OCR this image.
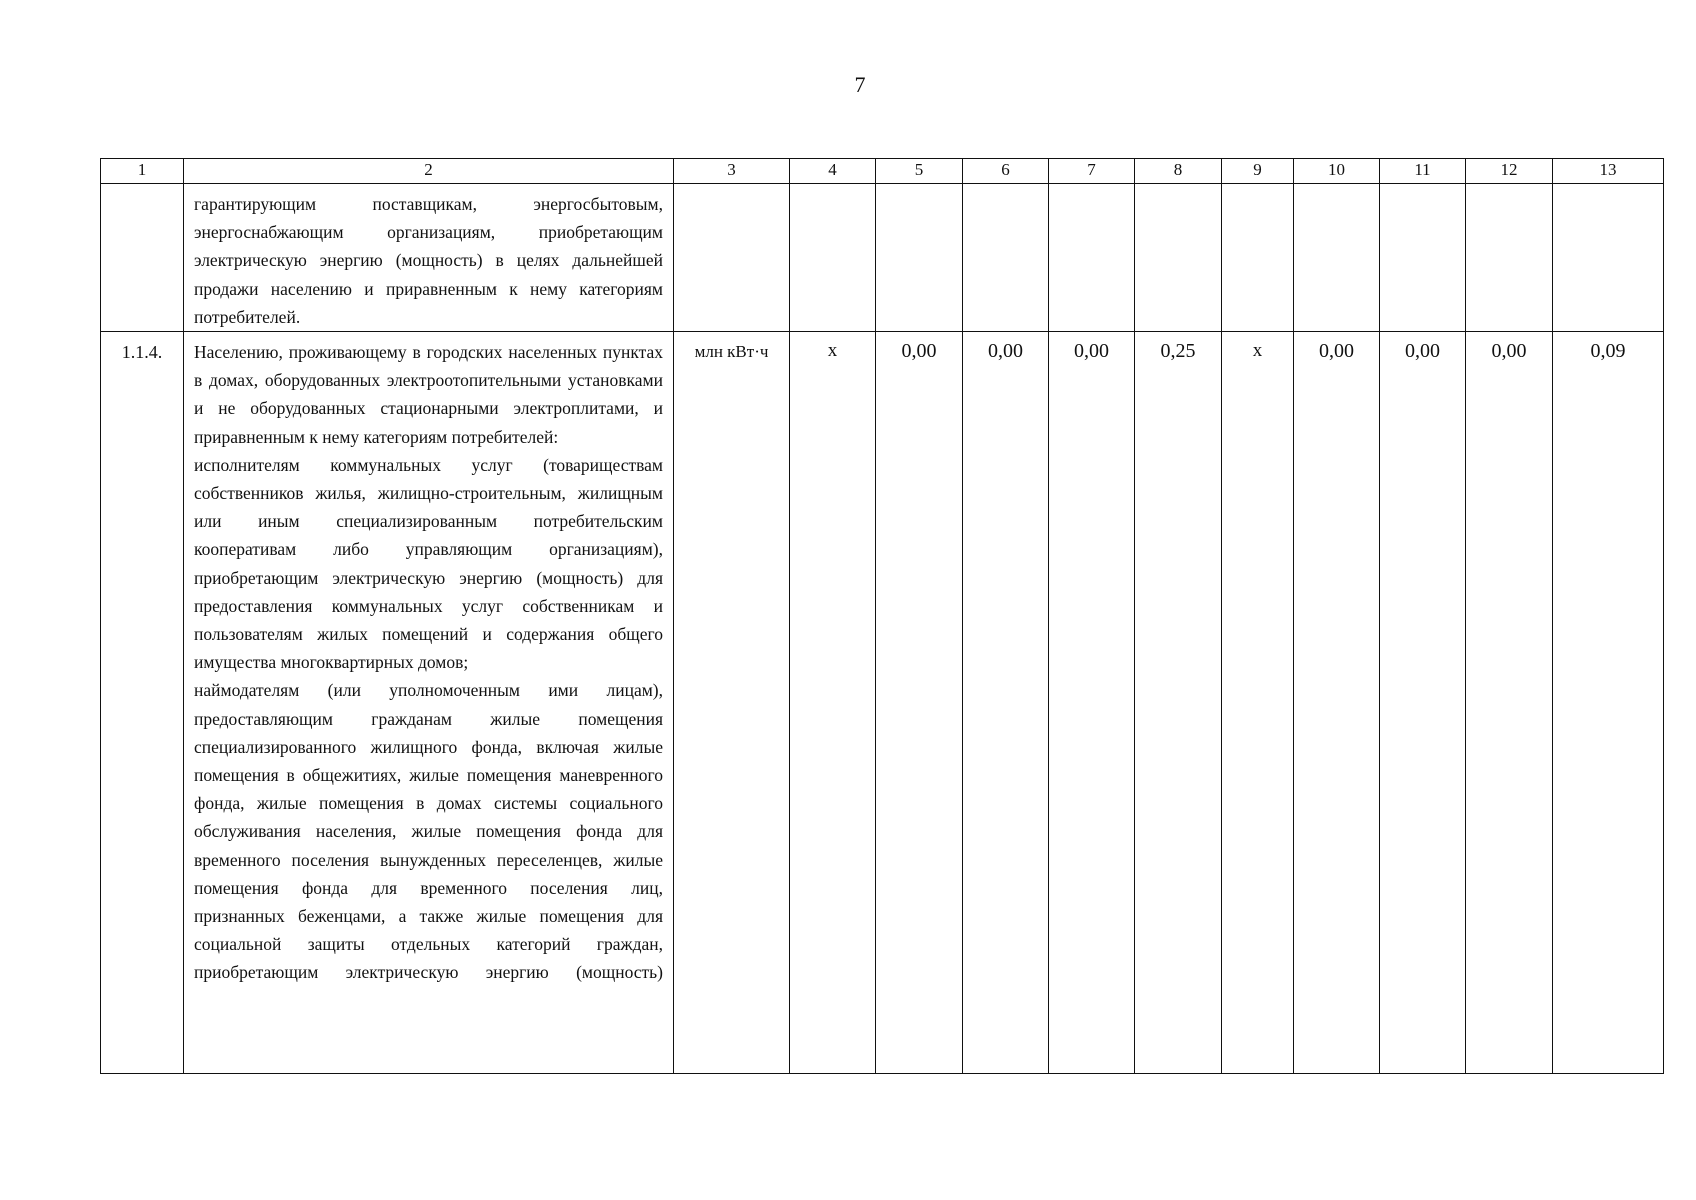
7
1	2	3	4	5	6	7	8	9	10	11	12	13

	гарантирующим поставщикам, энергосбытовым, энергоснабжающим организациям, приобретающим электрическую энергию (мощность) в целях дальнейшей продажи населению и приравненным к нему категориям потребителей.											

1.1.4.	Населению, проживающему в городских населенных пунктах в домах, оборудованных электроотопительными установками и не оборудованных стационарными электроплитами, и приравненным к нему категориям потребителей:

исполнителям коммунальных услуг (товариществам собственников жилья, жилищно-строительным, жилищным или иным специализированным потребительским кооперативам либо управляющим организациям), приобретающим электрическую энергию (мощность) для предоставления коммунальных услуг собственникам и пользователям жилых помещений и содержания общего имущества многоквартирных домов;

наймодателям (или уполномоченным ими лицам), предоставляющим гражданам жилые помещения специализированного жилищного фонда, включая жилые помещения в общежитиях, жилые помещения маневренного фонда, жилые помещения в домах системы социального обслуживания населения, жилые помещения фонда для временного поселения вынужденных переселенцев, жилые помещения фонда для временного поселения лиц, признанных беженцами, а также жилые помещения для социальной защиты отдельных категорий граждан, приобретающим электрическую энергию (мощность)	млн кВт·ч	х	0,00	0,00	0,00	0,25	х	0,00	0,00	0,00	0,09
